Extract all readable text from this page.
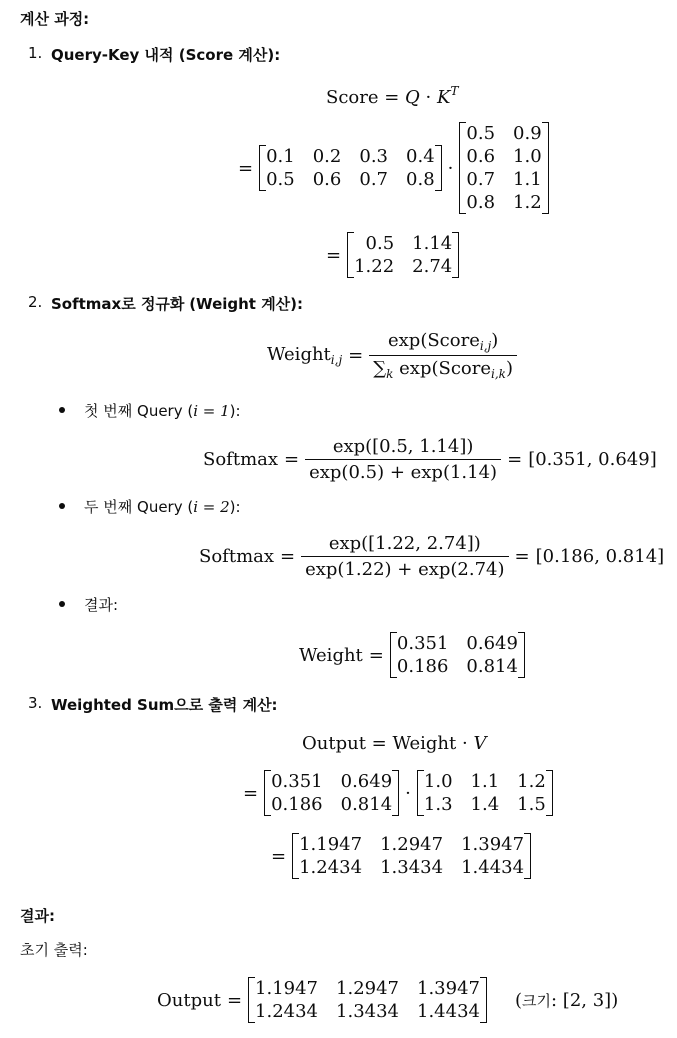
계산 과정:
1. Query-Key 내적 (Score 계산):
Score = $Q \cdot K^T$
=
0.1 0.2 0.3 0.4
0.5 0.6 0.7 0.8
·
0.5 0.9
0.6 1.0
0.7 1.1
0.8 1.2
=
0.5 1.14
1.22 2.74
2. Softmax로 정규화 (Weight 계산):
Weight$_{i,j}$ = $\frac{\exp(Score_{i,j})}{\sum_k \exp(Score_{i,k})}$
첫 번째 Query (i = 1):
Softmax = $\frac{\exp([0.5, 1.14])}{\exp(0.5) + \exp(1.14)} = [0.351$, 0.649]
두 번째 Query (i = 2):
Softmax = $\frac{\exp([1.22, 2.74])}{\exp(1.22) + \exp(2.74)} = [0.186$, 0.814]
결과:
Weight =
0.351 0.649
0.186 0.814
3. Weighted Sum으로 출력 계산:
Output = Weight · V
=
0.351 0.649
0.186 0.814
·
1.0 1.1 1.2
1.3 1.4 1.5
=
1.1947 1.2947 1.3947
1.2434 1.3434 1.4434
결과:
초기 출력:
Output =
1.1947 1.2947 1.3947
1.2434 1.3434 1.4434
(크기: [2, 3])
